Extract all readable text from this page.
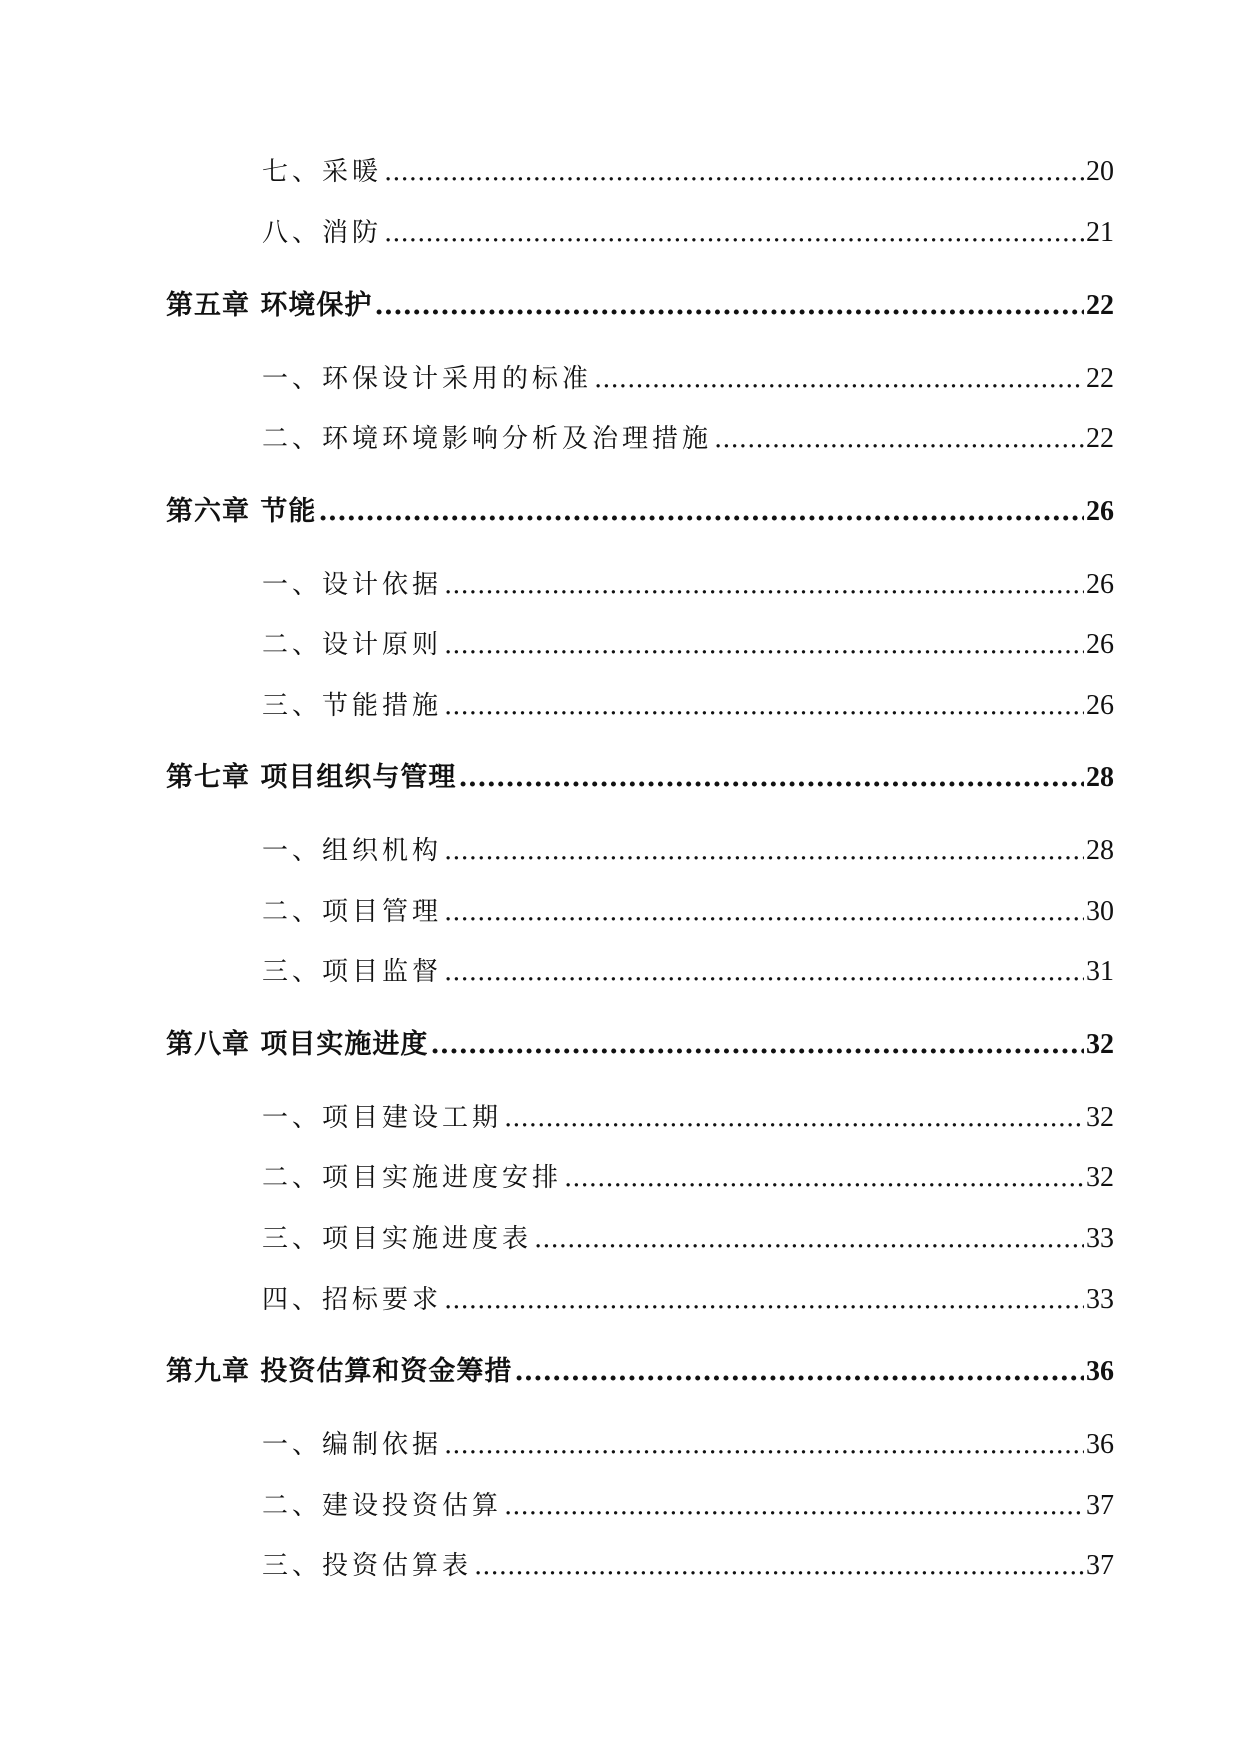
七、采暖 .....	20
八、消防 .....	21
第五章 环境保护 .....	22
一、环保设计采用的标准 .....	22
二、环境环境影响分析及治理措施 .....	22
第六章 节能 .....	26
一、设计依据 .....	26
二、设计原则 .....	26
三、节能措施 .....	26
第七章 项目组织与管理 .....	28
一、组织机构 .....	28
二、项目管理 .....	30
三、项目监督 .....	31
第八章 项目实施进度 .....	32
一、项目建设工期 .....	32
二、项目实施进度安排 .....	32
三、项目实施进度表 .....	33
四、招标要求 .....	33
第九章 投资估算和资金筹措 .....	36
一、编制依据 .....	36
二、建设投资估算 .....	37
三、投资估算表 .....	37
